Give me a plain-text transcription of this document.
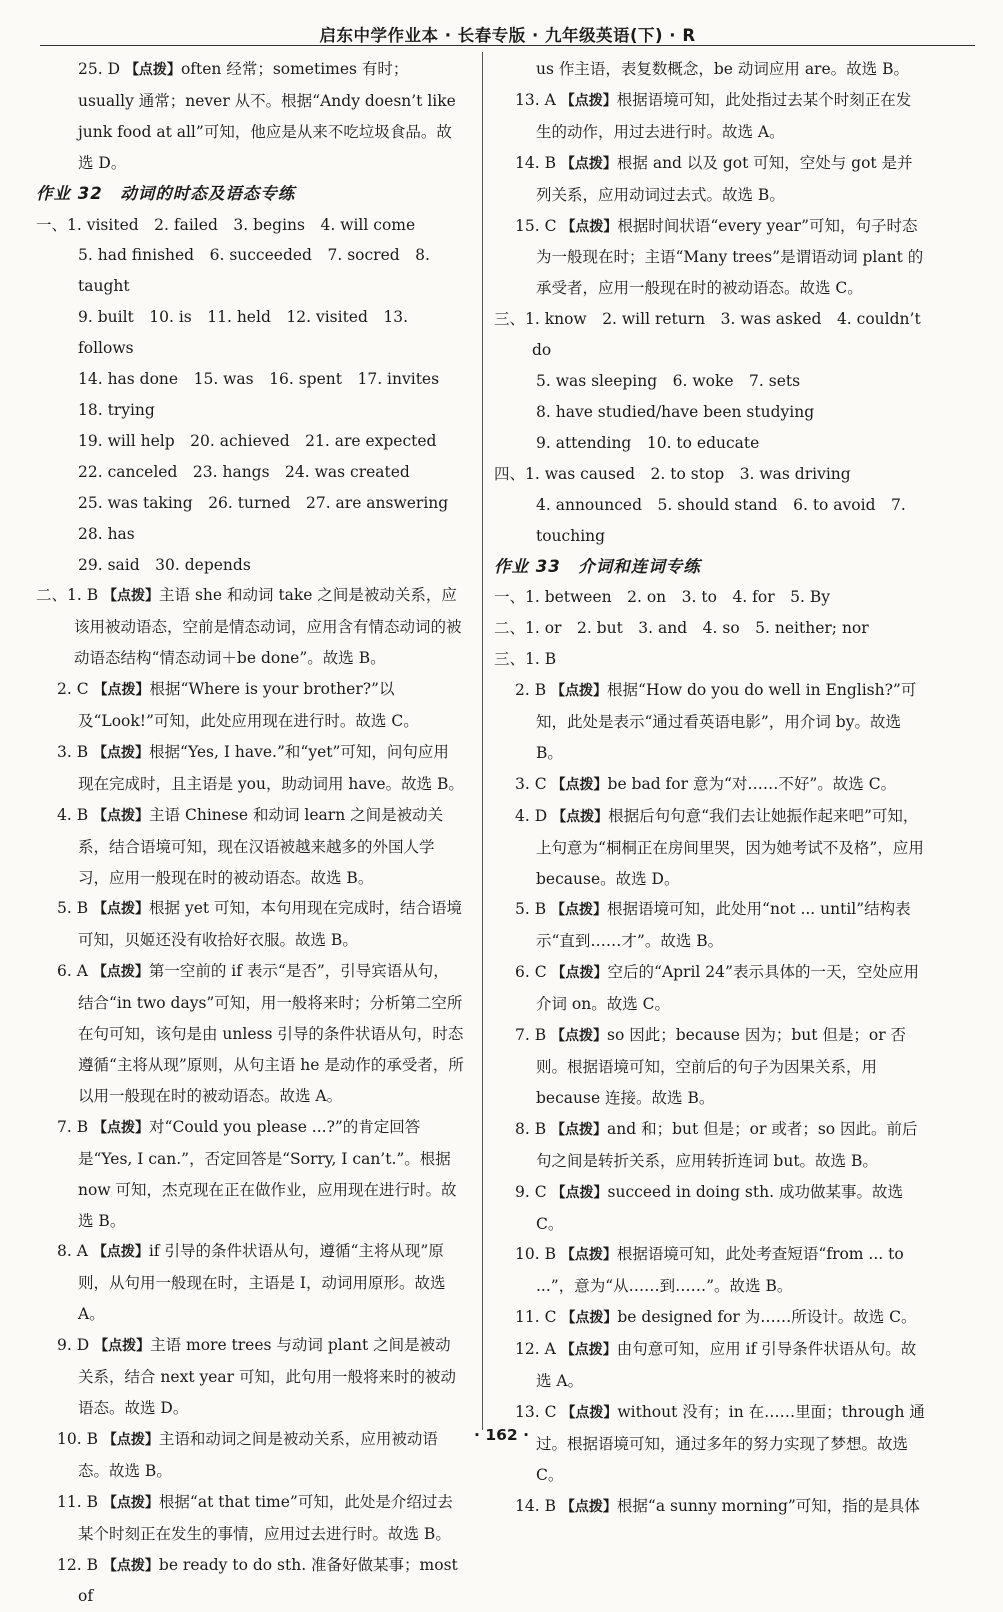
启东中学作业本 · 长春专版 · 九年级英语(下) · R

25. D 【点拨】often 经常；sometimes 有时；usually 通常；never 从不。根据“Andy doesn’t like junk food at all”可知，他应是从来不吃垃圾食品。故选 D。

作业 32　动词的时态及语态专练

一、1. visited　2. failed　3. begins　4. will come

5. had finished　6. succeeded　7. socred　8. taught

9. built　10. is　11. held　12. visited　13. follows

14. has done　15. was　16. spent　17. invites　18. trying

19. will help　20. achieved　21. are expected

22. canceled　23. hangs　24. was created

25. was taking　26. turned　27. are answering　28. has

29. said　30. depends

二、1. B 【点拨】主语 she 和动词 take 之间是被动关系，应该用被动语态，空前是情态动词，应用含有情态动词的被动语态结构“情态动词＋be done”。故选 B。

2. C 【点拨】根据“Where is your brother?”以及“Look!”可知，此处应用现在进行时。故选 C。

3. B 【点拨】根据“Yes, I have.”和“yet”可知，问句应用现在完成时，且主语是 you，助动词用 have。故选 B。

4. B 【点拨】主语 Chinese 和动词 learn 之间是被动关系，结合语境可知，现在汉语被越来越多的外国人学习，应用一般现在时的被动语态。故选 B。

5. B 【点拨】根据 yet 可知，本句用现在完成时，结合语境可知，贝姬还没有收拾好衣服。故选 B。

6. A 【点拨】第一空前的 if 表示“是否”，引导宾语从句，结合“in two days”可知，用一般将来时；分析第二空所在句可知，该句是由 unless 引导的条件状语从句，时态遵循“主将从现”原则，从句主语 he 是动作的承受者，所以用一般现在时的被动语态。故选 A。

7. B 【点拨】对“Could you please ...?”的肯定回答是“Yes, I can.”，否定回答是“Sorry, I can’t.”。根据 now 可知，杰克现在正在做作业，应用现在进行时。故选 B。

8. A 【点拨】if 引导的条件状语从句，遵循“主将从现”原则，从句用一般现在时，主语是 I，动词用原形。故选 A。

9. D 【点拨】主语 more trees 与动词 plant 之间是被动关系，结合 next year 可知，此句用一般将来时的被动语态。故选 D。

10. B 【点拨】主语和动词之间是被动关系，应用被动语态。故选 B。

11. B 【点拨】根据“at that time”可知，此处是介绍过去某个时刻正在发生的事情，应用过去进行时。故选 B。

12. B 【点拨】be ready to do sth. 准备好做某事；most of

us 作主语，表复数概念，be 动词应用 are。故选 B。

13. A 【点拨】根据语境可知，此处指过去某个时刻正在发生的动作，用过去进行时。故选 A。

14. B 【点拨】根据 and 以及 got 可知，空处与 got 是并列关系，应用动词过去式。故选 B。

15. C 【点拨】根据时间状语“every year”可知，句子时态为一般现在时；主语“Many trees”是谓语动词 plant 的承受者，应用一般现在时的被动语态。故选 C。

三、1. know　2. will return　3. was asked　4. couldn’t do

5. was sleeping　6. woke　7. sets

8. have studied/have been studying

9. attending　10. to educate

四、1. was caused　2. to stop　3. was driving

4. announced　5. should stand　6. to avoid　7. touching

作业 33　介词和连词专练

一、1. between　2. on　3. to　4. for　5. By

二、1. or　2. but　3. and　4. so　5. neither; nor

三、1. B

2. B 【点拨】根据“How do you do well in English?”可知，此处是表示“通过看英语电影”，用介词 by。故选 B。

3. C 【点拨】be bad for 意为“对……不好”。故选 C。

4. D 【点拨】根据后句句意“我们去让她振作起来吧”可知，上句意为“桐桐正在房间里哭，因为她考试不及格”，应用 because。故选 D。

5. B 【点拨】根据语境可知，此处用“not ... until”结构表示“直到……才”。故选 B。

6. C 【点拨】空后的“April 24”表示具体的一天，空处应用介词 on。故选 C。

7. B 【点拨】so 因此；because 因为；but 但是；or 否则。根据语境可知，空前后的句子为因果关系，用 because 连接。故选 B。

8. B 【点拨】and 和；but 但是；or 或者；so 因此。前后句之间是转折关系，应用转折连词 but。故选 B。

9. C 【点拨】succeed in doing sth. 成功做某事。故选 C。

10. B 【点拨】根据语境可知，此处考查短语“from ... to ...”，意为“从……到……”。故选 B。

11. C 【点拨】be designed for 为……所设计。故选 C。

12. A 【点拨】由句意可知，应用 if 引导条件状语从句。故选 A。

13. C 【点拨】without 没有；in 在……里面；through 通过。根据语境可知，通过多年的努力实现了梦想。故选 C。

14. B 【点拨】根据“a sunny morning”可知，指的是具体

· 162 ·
